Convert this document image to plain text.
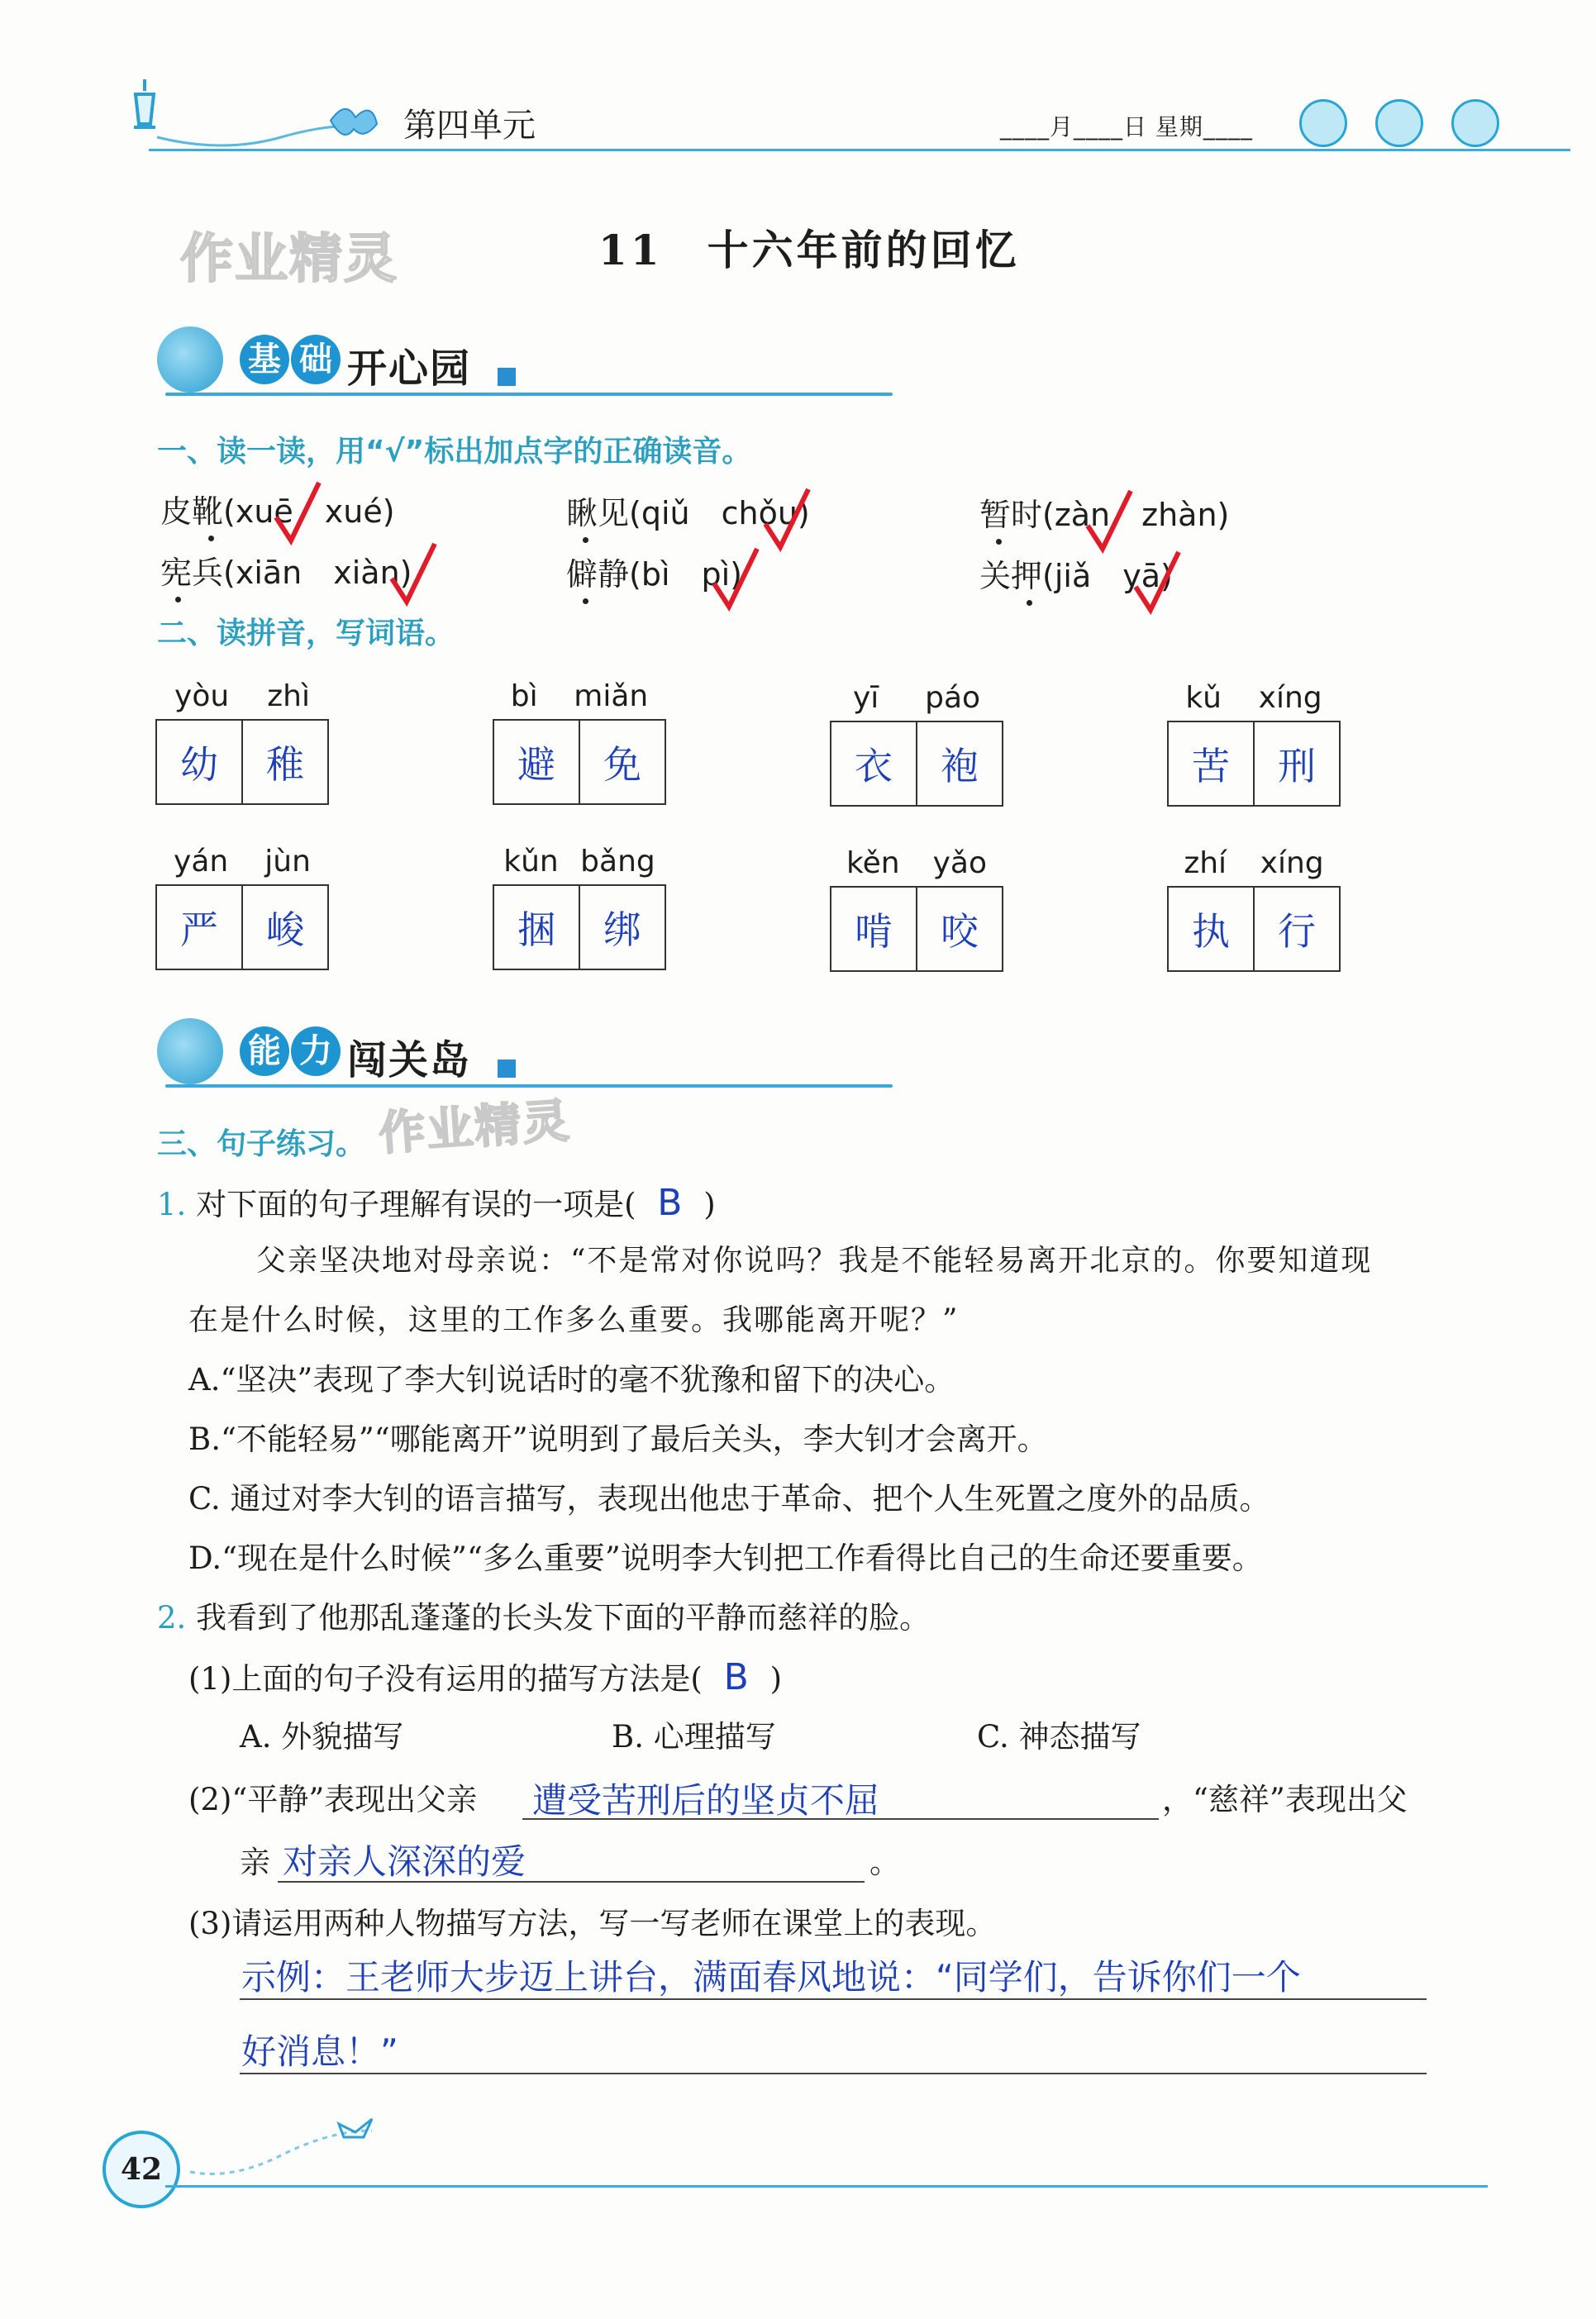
第四单元	____月____日 星期____
作业精灵
作业精灵
11　十六年前的回忆
基 础 开心园
一、读一读，用“√”标出加点字的正确读音。
皮靴(xuē　xué)	瞅见(qiǔ　chǒu)	暂时(zàn　zhàn)
宪兵(xiān　xiàn)	僻静(bì　pì)	关押(jiǎ　yā)
二、读拼音，写词语。
yòu zhì
幼	稚
bì miǎn
避	免
yī páo
衣	袍
kǔ xíng
苦	刑
yán jùn
严	峻
kǔn bǎng
捆	绑
kěn yǎo
啃	咬
zhí xíng
执	行
能 力 闯关岛
三、句子练习。
1. 对下面的句子理解有误的一项是( B )
父亲坚决地对母亲说：“不是常对你说吗？我是不能轻易离开北京的。你要知道现
在是什么时候，这里的工作多么重要。我哪能离开呢？”
A.“坚决”表现了李大钊说话时的毫不犹豫和留下的决心。
B.“不能轻易”“哪能离开”说明到了最后关头，李大钊才会离开。
C. 通过对李大钊的语言描写，表现出他忠于革命、把个人生死置之度外的品质。
D.“现在是什么时候”“多么重要”说明李大钊把工作看得比自己的生命还要重要。
2. 我看到了他那乱蓬蓬的长头发下面的平静而慈祥的脸。
(1)上面的句子没有运用的描写方法是( B )
A. 外貌描写	B. 心理描写	C. 神态描写
(2)“平静”表现出父亲 遭受苦刑后的坚贞不屈	，“慈祥”表现出父
亲 对亲人深深的爱	。
(3)请运用两种人物描写方法，写一写老师在课堂上的表现。
示例：王老师大步迈上讲台，满面春风地说：“同学们，告诉你们一个
好消息！”
42
